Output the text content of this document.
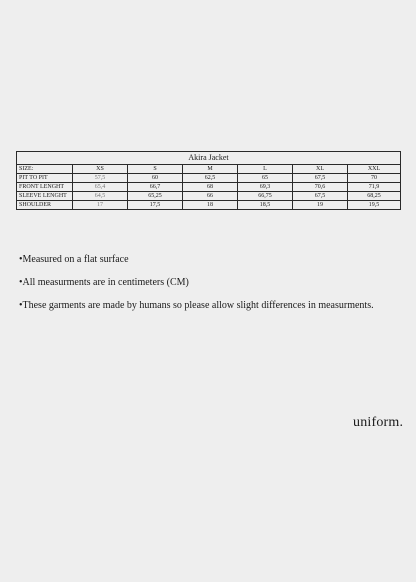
Akira Jacket						
SIZE:	XS	S	M	L	XL	XXL
PIT TO PIT	57,5	60	62,5	65	67,5	70
FRONT LENGHT	65,4	66,7	68	69,3	70,6	71,9
SLEEVE LENGHT	64,5	65,25	66	66,75	67,5	68,25
SHOULDER	17	17,5	18	18,5	19	19,5

•Measured on a flat surface

•All measurments are in centimeters (CM)

•These garments are made by humans so please allow slight differences in measurments.

uniform.
